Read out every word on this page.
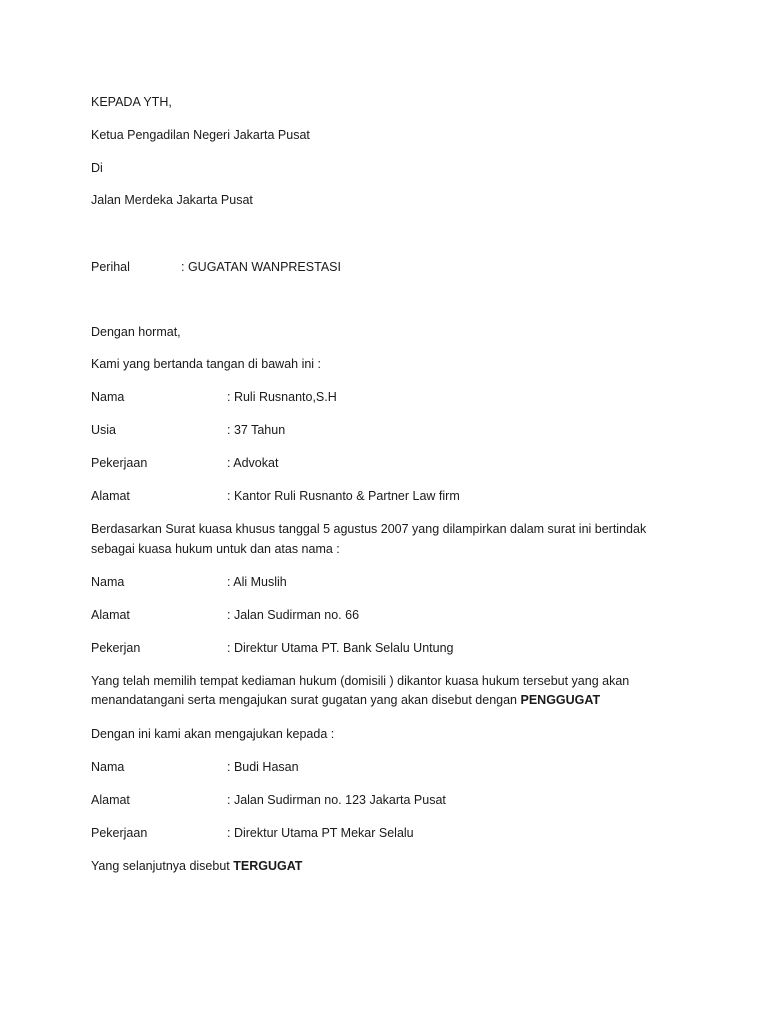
KEPADA YTH,
Ketua Pengadilan Negeri Jakarta Pusat
Di
Jalan Merdeka Jakarta Pusat
Perihal	: GUGATAN WANPRESTASI
Dengan hormat,
Kami yang bertanda tangan di bawah ini :
Nama	: Ruli Rusnanto,S.H
Usia	: 37 Tahun
Pekerjaan	: Advokat
Alamat	: Kantor Ruli Rusnanto & Partner Law firm
Berdasarkan Surat kuasa khusus tanggal 5 agustus 2007 yang dilampirkan dalam surat ini bertindak
sebagai kuasa hukum untuk dan atas nama :
Nama	: Ali Muslih
Alamat	: Jalan Sudirman no. 66
Pekerjan	: Direktur Utama PT. Bank Selalu Untung
Yang telah memilih tempat kediaman hukum (domisili ) dikantor kuasa hukum tersebut yang akan
menandatangani serta mengajukan surat gugatan yang akan disebut dengan PENGGUGAT
Dengan ini kami akan mengajukan kepada :
Nama	: Budi Hasan
Alamat	: Jalan Sudirman no. 123 Jakarta Pusat
Pekerjaan	: Direktur Utama PT Mekar Selalu
Yang selanjutnya disebut TERGUGAT
